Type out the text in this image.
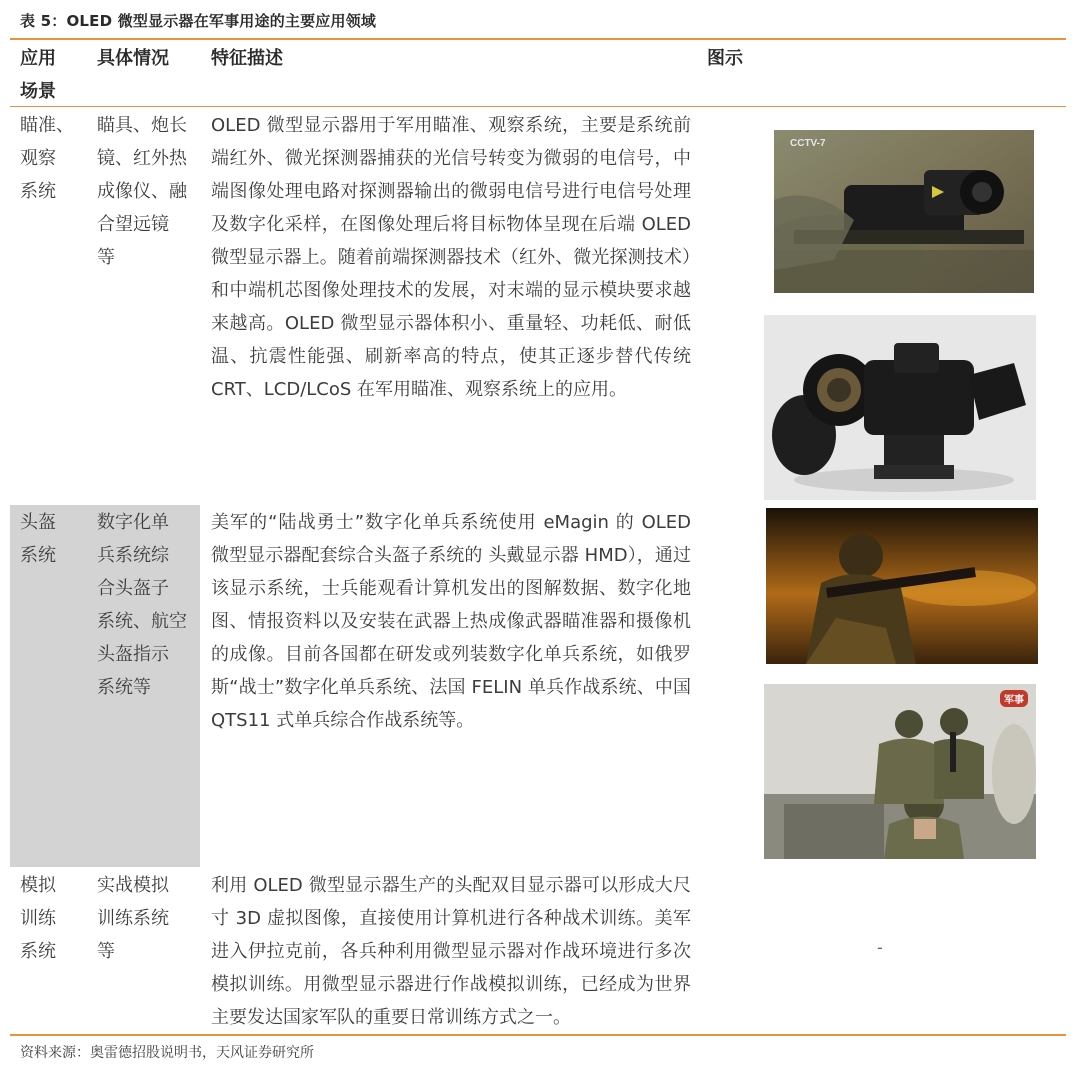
表 5：OLED 微型显示器在军事用途的主要应用领域
应用
场景
具体情况 特征描述	图示
瞄准、
观察
系统
瞄具、炮长
镜、红外热
成像仪、融
合望远镜
等
OLED 微型显示器用于军用瞄准、观察系统，主要是系统前端红外、微光探测器捕获的光信号转变为微弱的电信号，中端图像处理电路对探测器输出的微弱电信号进行电信号处理及数字化采样，在图像处理后将目标物体呈现在后端 OLED 微型显示器上。随着前端探测器技术（红外、微光探测技术）和中端机芯图像处理技术的发展，对末端的显示模块要求越来越高。OLED 微型显示器体积小、重量轻、功耗低、耐低温、抗震性能强、刷新率高的特点，使其正逐步替代传统 CRT、LCD/LCoS 在军用瞄准、观察系统上的应用。
头盔
系统
数字化单
兵系统综
合头盔子
系统、航空
头盔指示
系统等
美军的“陆战勇士”数字化单兵系统使用 eMagin 的 OLED 微型显示器配套综合头盔子系统的 头戴显示器 HMD），通过该显示系统，士兵能观看计算机发出的图解数据、数字化地图、情报资料以及安装在武器上热成像武器瞄准器和摄像机的成像。目前各国都在研发或列装数字化单兵系统，如俄罗斯“战士”数字化单兵系统、法国 FELIN 单兵作战系统、中国 QTS11 式单兵综合作战系统等。
模拟
训练
系统
实战模拟
训练系统
等
利用 OLED 微型显示器生产的头配双目显示器可以形成大尺寸 3D 虚拟图像，直接使用计算机进行各种战术训练。美军进入伊拉克前，各兵种利用微型显示器对作战环境进行多次模拟训练。用微型显示器进行作战模拟训练，已经成为世界主要发达国家军队的重要日常训练方式之一。
-
CCTV-7
军事
资料来源：奥雷德招股说明书，天风证券研究所
